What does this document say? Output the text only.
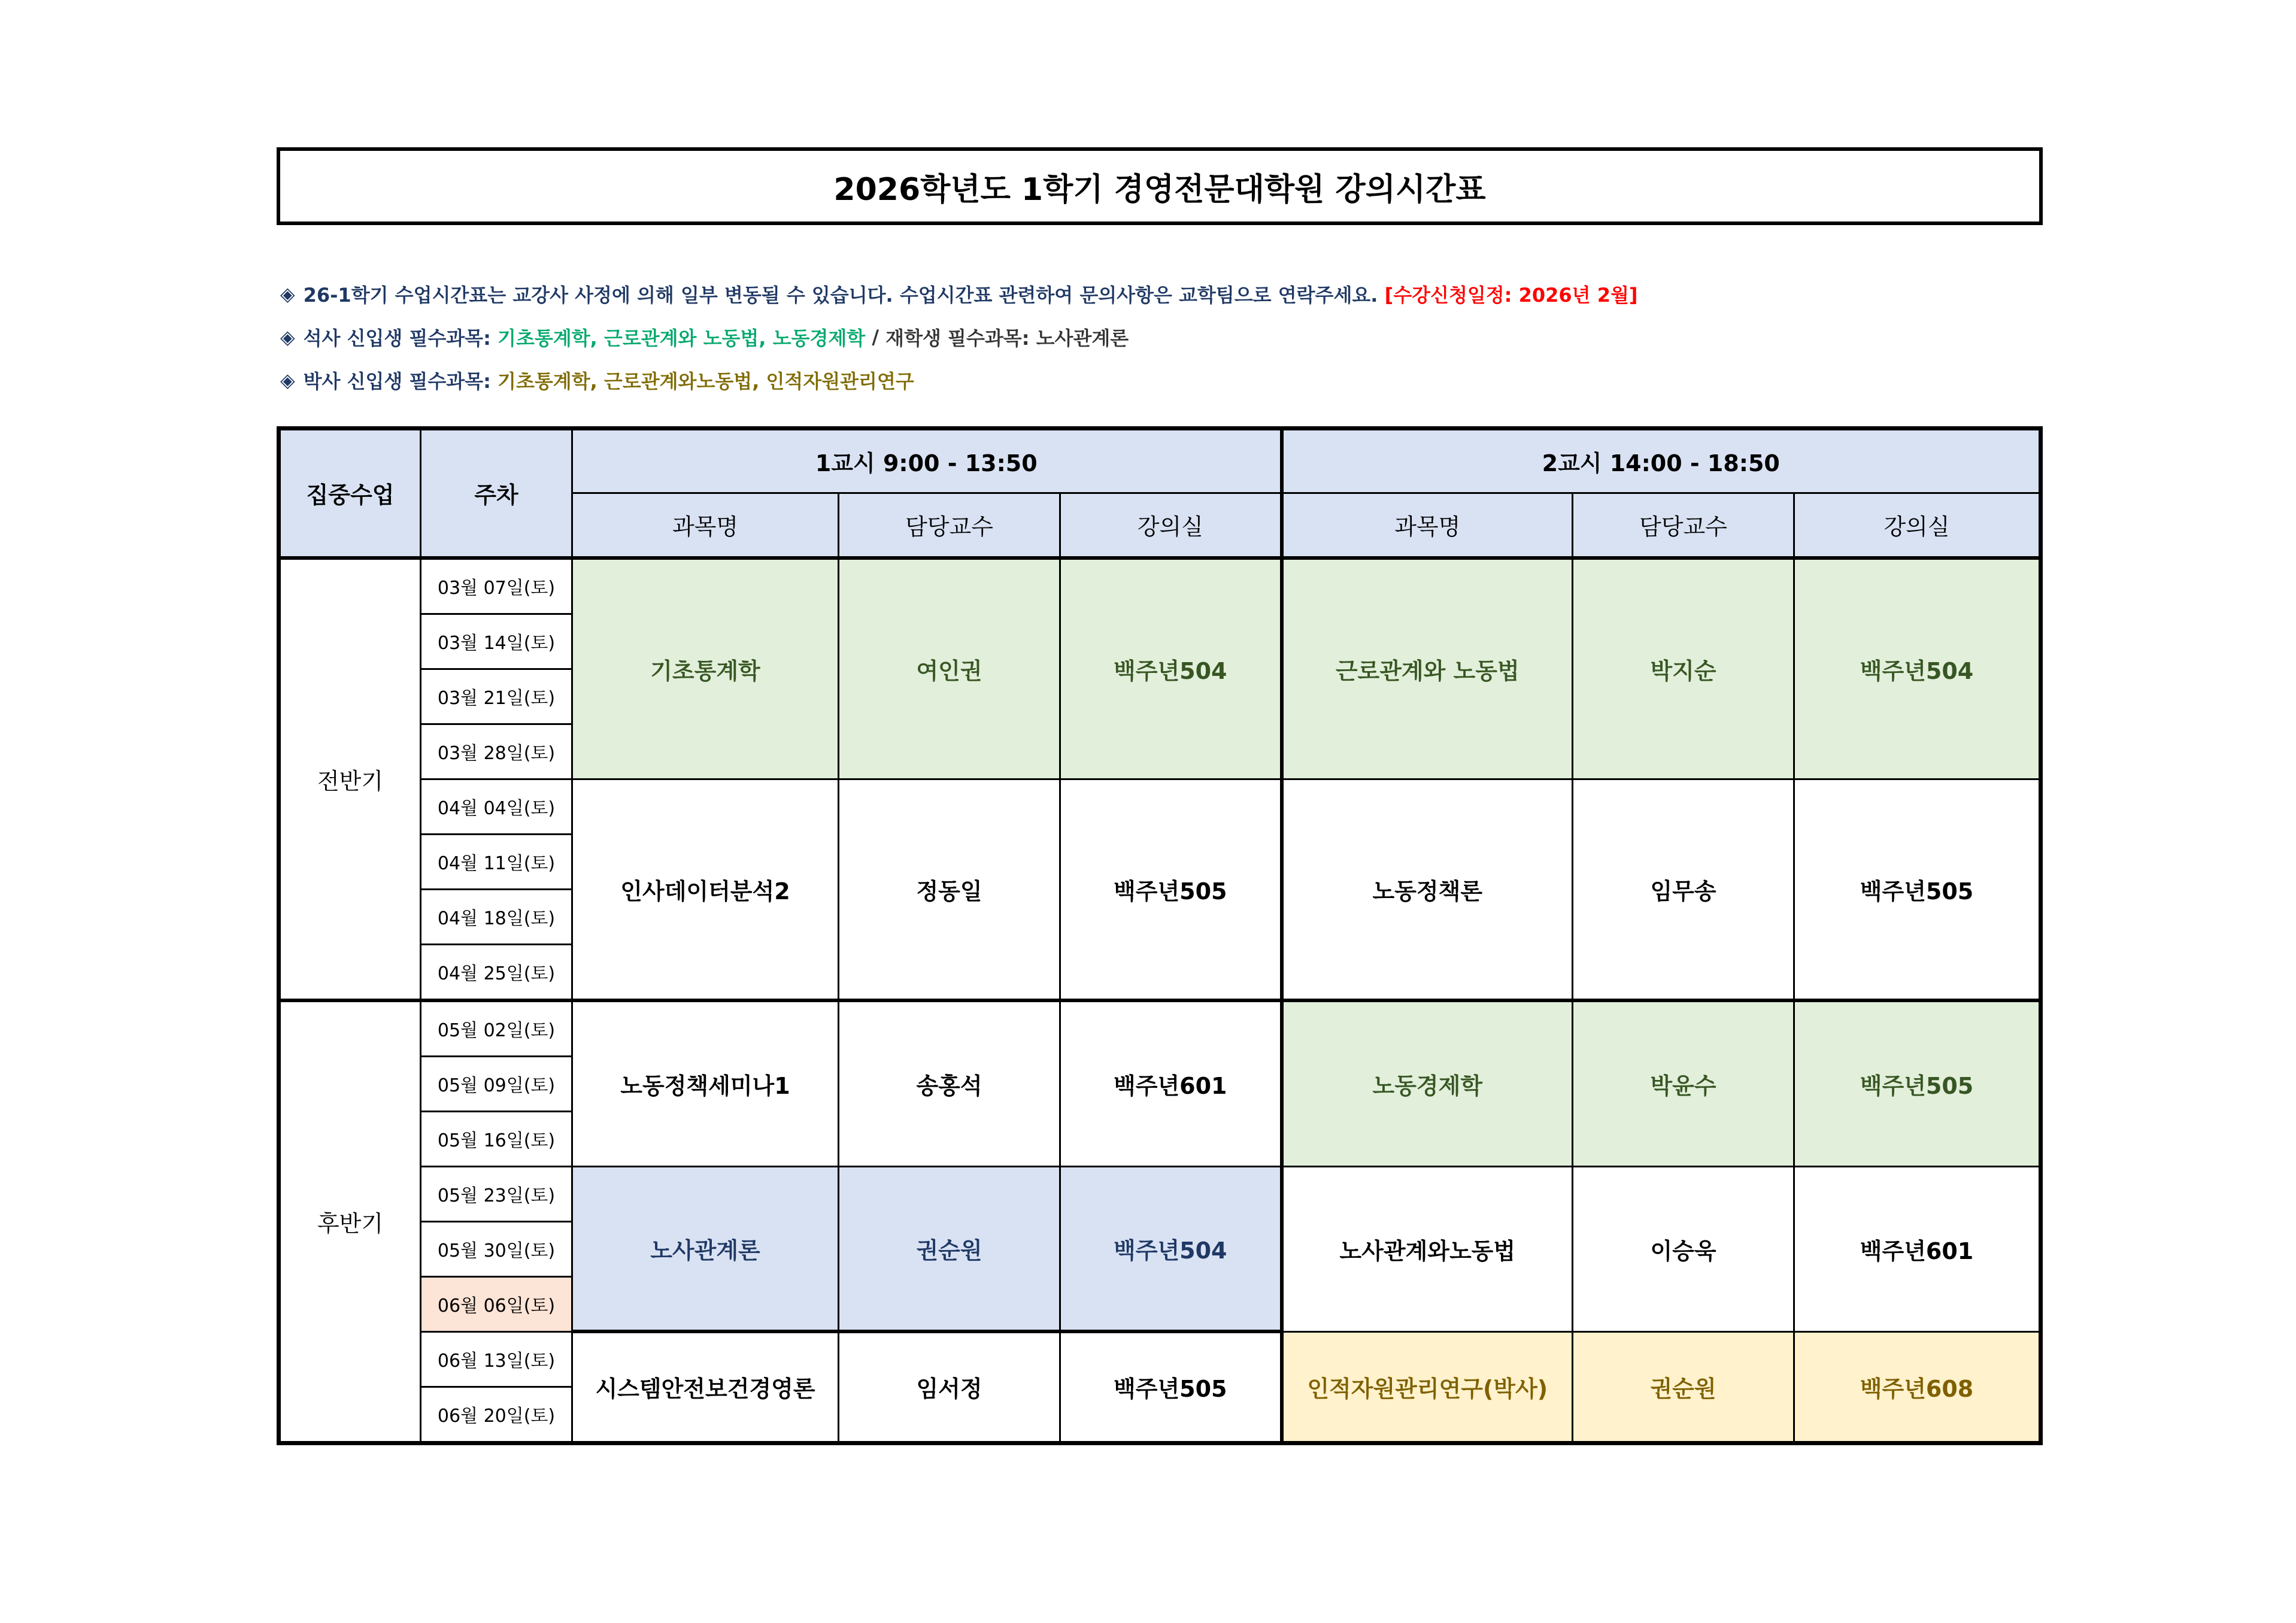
2026학년도 1학기 경영전문대학원 강의시간표
◈ 26-1학기 수업시간표는 교강사 사정에 의해 일부 변동될 수 있습니다. 수업시간표 관련하여 문의사항은 교학팀으로 연락주세요.
[수강신청일정: 2026년 2월]
◈ 석사 신입생 필수과목:
기초통계학, 근로관계와 노동법, 노동경제학 / 재학생 필수과목:
노사관계론
◈ 박사 신입생 필수과목:
기초통계학, 근로관계와노동법, 인적자원관리연구
집중수업	주차	1교시 9:00 - 13:50			2교시 14:00 - 18:50		
		과목명	담당교수	강의실	과목명	담당교수	강의실
전반기	03월 07일(토)	기초통계학	여인권	백주년504	근로관계와 노동법	박지순	백주년504
	03월 14일(토)						
	03월 21일(토)						
	03월 28일(토)						
	04월 04일(토)	인사데이터분석2	정동일	백주년505	노동정책론	임무송	백주년505
	04월 11일(토)						
	04월 18일(토)						
	04월 25일(토)						
후반기	05월 02일(토)	노동정책세미나1	송홍석	백주년601	노동경제학	박윤수	백주년505
	05월 09일(토)						
	05월 16일(토)						
	05월 23일(토)	노사관계론	권순원	백주년504	노사관계와노동법	이승욱	백주년601
	05월 30일(토)						
	06월 06일(토)						
	06월 13일(토)	시스템안전보건경영론	임서정	백주년505	인적자원관리연구(박사)	권순원	백주년608
	06월 20일(토)						
